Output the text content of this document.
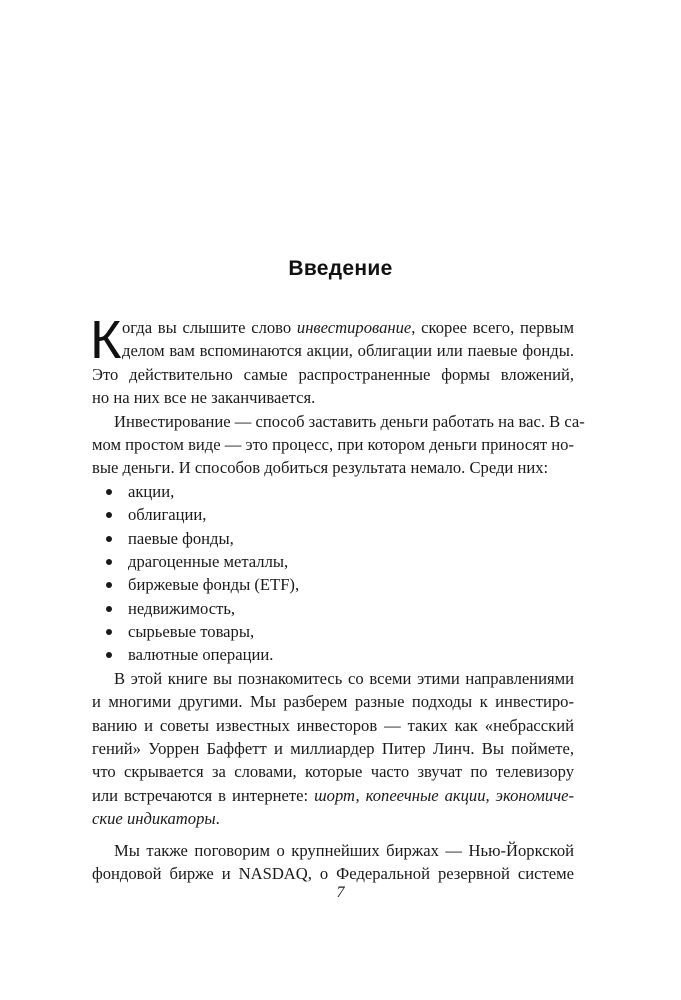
Введение
К огда вы слышите слово инвестирование, скорее всего, первым
делом вам вспоминаются акции, облигации или паевые фонды.
Это действительно самые распространенные формы вложений,
но на них все не заканчивается.
Инвестирование — способ заставить деньги работать на вас. В са-
мом простом виде — это процесс, при котором деньги приносят но-
вые деньги. И способов добиться результата немало. Среди них:
акции,
облигации,
паевые фонды,
драгоценные металлы,
биржевые фонды (ETF),
недвижимость,
сырьевые товары,
валютные операции.
В этой книге вы познакомитесь со всеми этими направлениями
и многими другими. Мы разберем разные подходы к инвестиро-
ванию и советы известных инвесторов — таких как «небрасский
гений» Уоррен Баффетт и миллиардер Питер Линч. Вы поймете,
что скрывается за словами, которые часто звучат по телевизору
или встречаются в интернете: шорт, копеечные акции, экономиче-
ские индикаторы.
Мы также поговорим о крупнейших биржах — Нью-Йоркской
фондовой бирже и NASDAQ, о Федеральной резервной системе
7
